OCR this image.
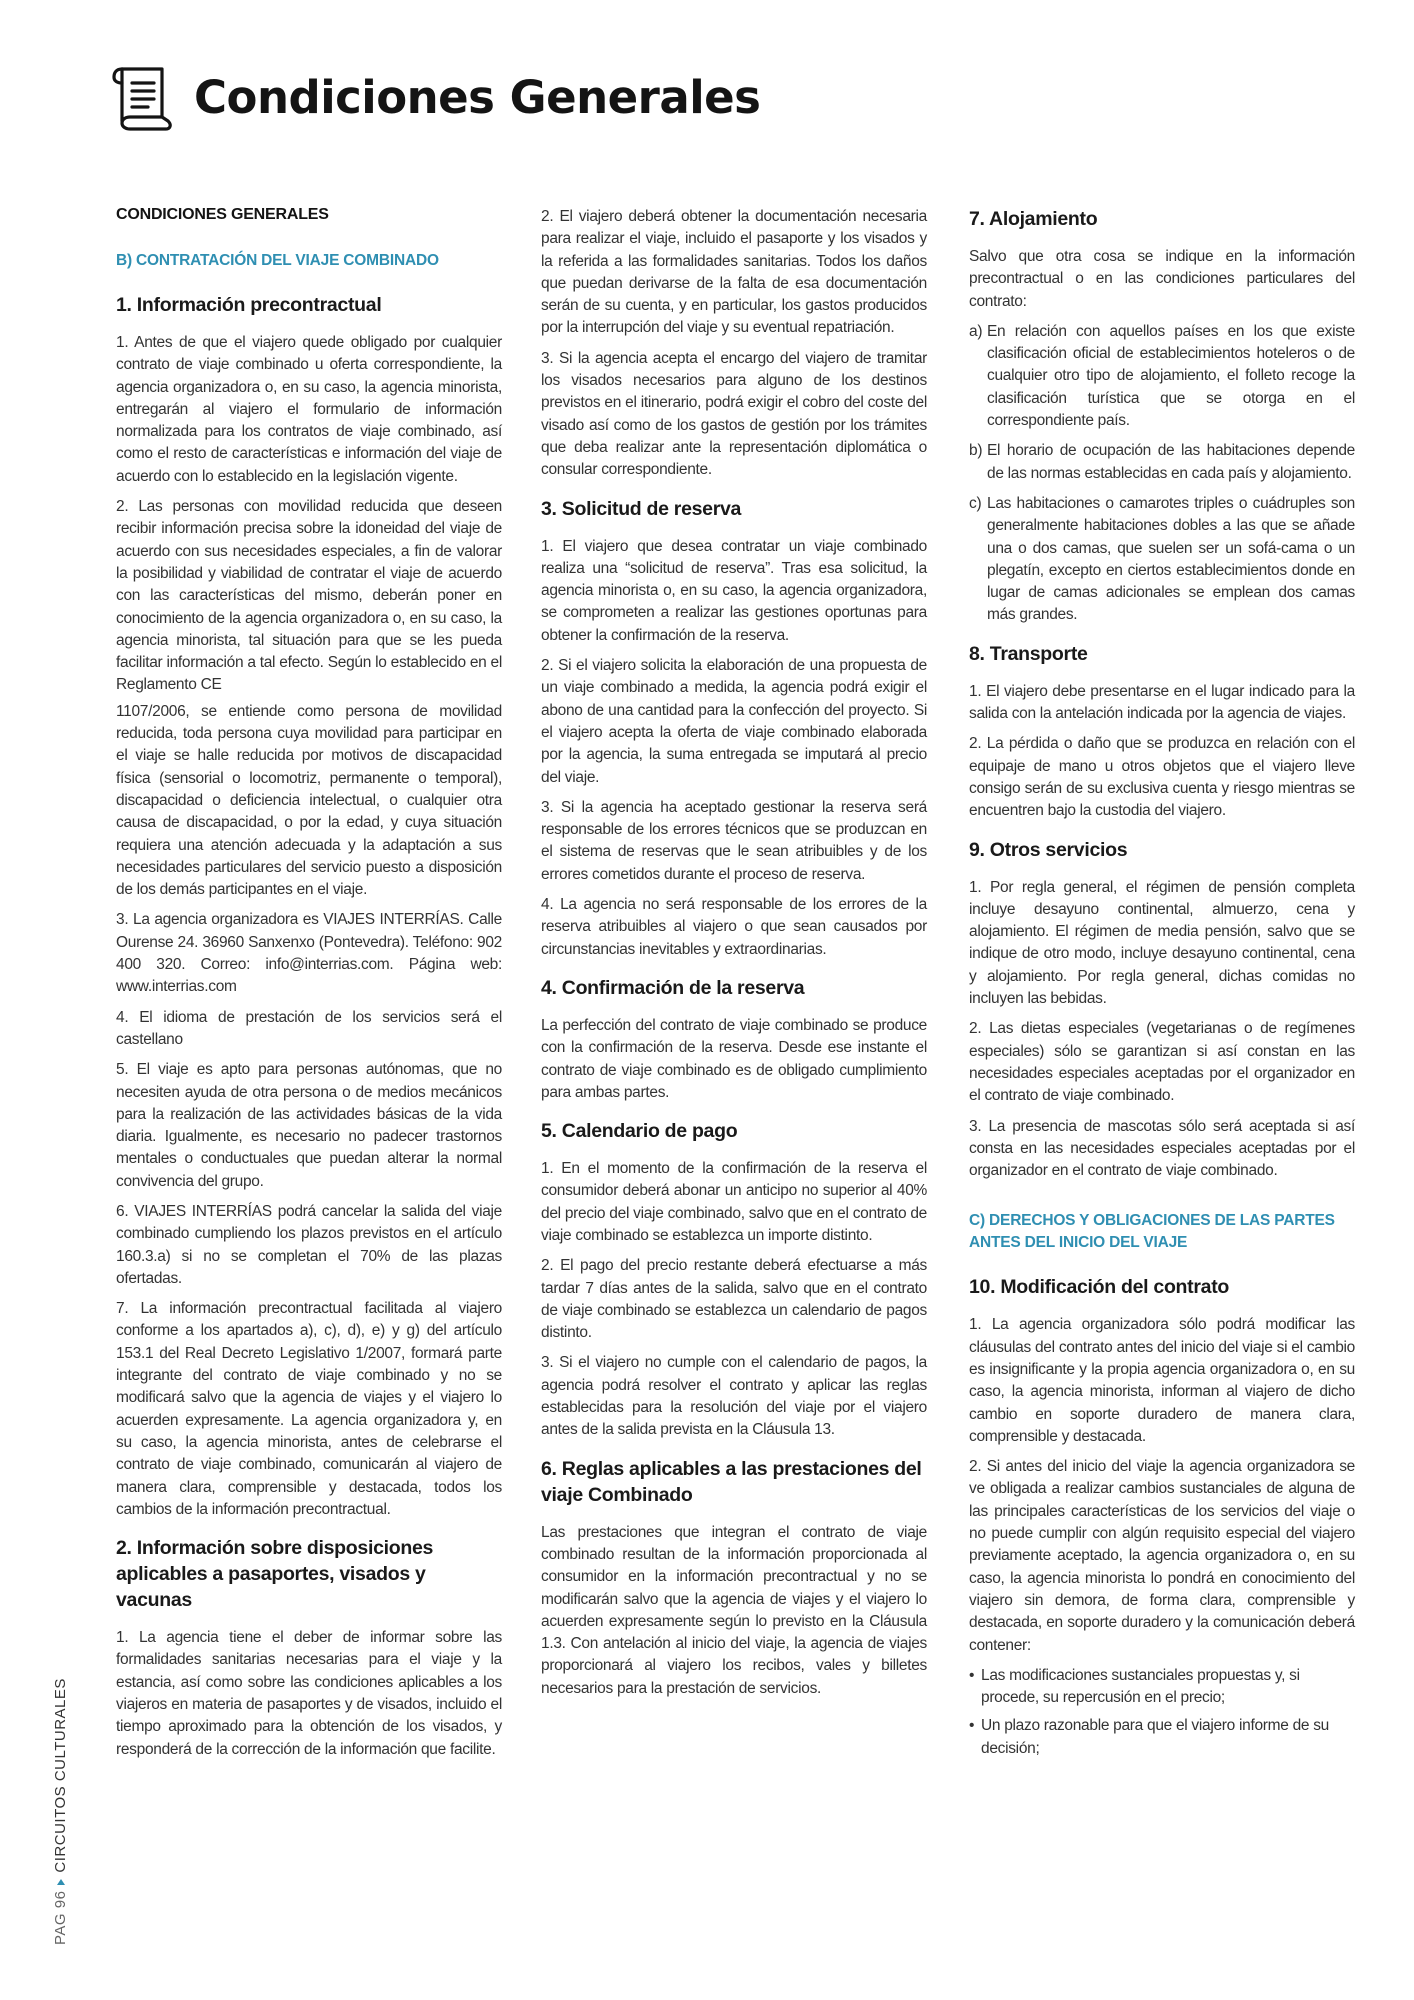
Condiciones Generales
CONDICIONES GENERALES
B) CONTRATACIÓN DEL VIAJE COMBINADO
1. Información precontractual

1. Antes de que el viajero quede obligado por cualquier contrato de viaje combinado u oferta correspondiente, la agencia organizadora o, en su caso, la agencia minorista, entregarán al viajero el formulario de información normalizada para los contratos de viaje combinado, así como el resto de características e información del viaje de acuerdo con lo establecido en la legislación vigente.

2. Las personas con movilidad reducida que deseen recibir información precisa sobre la idoneidad del viaje de acuerdo con sus necesidades especiales, a fin de valorar la posibilidad y viabilidad de contratar el viaje de acuerdo con las características del mismo, deberán poner en conocimiento de la agencia organizadora o, en su caso, la agencia minorista, tal situación para que se les pueda facilitar información a tal efecto. Según lo establecido en el Reglamento CE

1107/2006, se entiende como persona de movilidad reducida, toda persona cuya movilidad para participar en el viaje se halle reducida por motivos de discapacidad física (sensorial o locomotriz, permanente o temporal), discapacidad o deficiencia intelectual, o cualquier otra causa de discapacidad, o por la edad, y cuya situación requiera una atención adecuada y la adaptación a sus necesidades particulares del servicio puesto a disposición de los demás participantes en el viaje.

3. La agencia organizadora es VIAJES INTERRÍAS. Calle Ourense 24. 36960 Sanxenxo (Pontevedra). Teléfono: 902 400 320. Correo: info@interrias.com. Página web: www.interrias.com

4. El idioma de prestación de los servicios será el castellano

5. El viaje es apto para personas autónomas, que no necesiten ayuda de otra persona o de medios mecánicos para la realización de las actividades básicas de la vida diaria. Igualmente, es necesario no padecer trastornos mentales o conductuales que puedan alterar la normal convivencia del grupo.

6. VIAJES INTERRÍAS podrá cancelar la salida del viaje combinado cumpliendo los plazos previstos en el artículo 160.3.a) si no se completan el 70% de las plazas ofertadas.

7. La información precontractual facilitada al viajero conforme a los apartados a), c), d), e) y g) del artículo 153.1 del Real Decreto Legislativo 1/2007, formará parte integrante del contrato de viaje combinado y no se modificará salvo que la agencia de viajes y el viajero lo acuerden expresamente. La agencia organizadora y, en su caso, la agencia minorista, antes de celebrarse el contrato de viaje combinado, comunicarán al viajero de manera clara, comprensible y destacada, todos los cambios de la información precontractual.

2. Información sobre disposiciones aplicables a pasaportes, visados y vacunas

1. La agencia tiene el deber de informar sobre las formalidades sanitarias necesarias para el viaje y la estancia, así como sobre las condiciones aplicables a los viajeros en materia de pasaportes y de visados, incluido el tiempo aproximado para la obtención de los visados, y responderá de la corrección de la información que facilite.

2. El viajero deberá obtener la documentación necesaria para realizar el viaje, incluido el pasaporte y los visados y la referida a las formalidades sanitarias. Todos los daños que puedan derivarse de la falta de esa documentación serán de su cuenta, y en particular, los gastos producidos por la interrupción del viaje y su eventual repatriación.

3. Si la agencia acepta el encargo del viajero de tramitar los visados necesarios para alguno de los destinos previstos en el itinerario, podrá exigir el cobro del coste del visado así como de los gastos de gestión por los trámites que deba realizar ante la representación diplomática o consular correspondiente.

3. Solicitud de reserva

1. El viajero que desea contratar un viaje combinado realiza una “solicitud de reserva”. Tras esa solicitud, la agencia minorista o, en su caso, la agencia organizadora, se comprometen a realizar las gestiones oportunas para obtener la confirmación de la reserva.

2. Si el viajero solicita la elaboración de una propuesta de un viaje combinado a medida, la agencia podrá exigir el abono de una cantidad para la confección del proyecto. Si el viajero acepta la oferta de viaje combinado elaborada por la agencia, la suma entregada se imputará al precio del viaje.

3. Si la agencia ha aceptado gestionar la reserva será responsable de los errores técnicos que se produzcan en el sistema de reservas que le sean atribuibles y de los errores cometidos durante el proceso de reserva.

4. La agencia no será responsable de los errores de la reserva atribuibles al viajero o que sean causados por circunstancias inevitables y extraordinarias.

4. Confirmación de la reserva

La perfección del contrato de viaje combinado se produce con la confirmación de la reserva. Desde ese instante el contrato de viaje combinado es de obligado cumplimiento para ambas partes.

5. Calendario de pago

1. En el momento de la confirmación de la reserva el consumidor deberá abonar un anticipo no superior al 40% del precio del viaje combinado, salvo que en el contrato de viaje combinado se establezca un importe distinto.

2. El pago del precio restante deberá efectuarse a más tardar 7 días antes de la salida, salvo que en el contrato de viaje combinado se establezca un calendario de pagos distinto.

3. Si el viajero no cumple con el calendario de pagos, la agencia podrá resolver el contrato y aplicar las reglas establecidas para la resolución del viaje por el viajero antes de la salida prevista en la Cláusula 13.

6. Reglas aplicables a las prestaciones del viaje Combinado

Las prestaciones que integran el contrato de viaje combinado resultan de la información proporcionada al consumidor en la información precontractual y no se modificarán salvo que la agencia de viajes y el viajero lo acuerden expresamente según lo previsto en la Cláusula 1.3. Con antelación al inicio del viaje, la agencia de viajes proporcionará al viajero los recibos, vales y billetes necesarios para la prestación de servicios.

7. Alojamiento

Salvo que otra cosa se indique en la información precontractual o en las condiciones particulares del contrato:

a) En relación con aquellos países en los que existe clasificación oficial de establecimientos hoteleros o de cualquier otro tipo de alojamiento, el folleto recoge la clasificación turística que se otorga en el correspondiente país.
b) El horario de ocupación de las habitaciones depende de las normas establecidas en cada país y alojamiento.
c) Las habitaciones o camarotes triples o cuádruples son generalmente habitaciones dobles a las que se añade una o dos camas, que suelen ser un sofá-cama o un plegatín, excepto en ciertos establecimientos donde en lugar de camas adicionales se emplean dos camas más grandes.
8. Transporte

1. El viajero debe presentarse en el lugar indicado para la salida con la antelación indicada por la agencia de viajes.

2. La pérdida o daño que se produzca en relación con el equipaje de mano u otros objetos que el viajero lleve consigo serán de su exclusiva cuenta y riesgo mientras se encuentren bajo la custodia del viajero.

9. Otros servicios

1. Por regla general, el régimen de pensión completa incluye desayuno continental, almuerzo, cena y alojamiento. El régimen de media pensión, salvo que se indique de otro modo, incluye desayuno continental, cena y alojamiento. Por regla general, dichas comidas no incluyen las bebidas.

2. Las dietas especiales (vegetarianas o de regímenes especiales) sólo se garantizan si así constan en las necesidades especiales aceptadas por el organizador en el contrato de viaje combinado.

3. La presencia de mascotas sólo será aceptada si así consta en las necesidades especiales aceptadas por el organizador en el contrato de viaje combinado.

C) DERECHOS Y OBLIGACIONES DE LAS PARTES ANTES DEL INICIO DEL VIAJE
10. Modificación del contrato

1. La agencia organizadora sólo podrá modificar las cláusulas del contrato antes del inicio del viaje si el cambio es insignificante y la propia agencia organizadora o, en su caso, la agencia minorista, informan al viajero de dicho cambio en soporte duradero de manera clara, comprensible y destacada.

2. Si antes del inicio del viaje la agencia organizadora se ve obligada a realizar cambios sustanciales de alguna de las principales características de los servicios del viaje o no puede cumplir con algún requisito especial del viajero previamente aceptado, la agencia organizadora o, en su caso, la agencia minorista lo pondrá en conocimiento del viajero sin demora, de forma clara, comprensible y destacada, en soporte duradero y la comunicación deberá contener:

• Las modificaciones sustanciales propuestas y, si procede, su repercusión en el precio;
• Un plazo razonable para que el viajero informe de su decisión;
PAG 96
CIRCUITOS CULTURALES
